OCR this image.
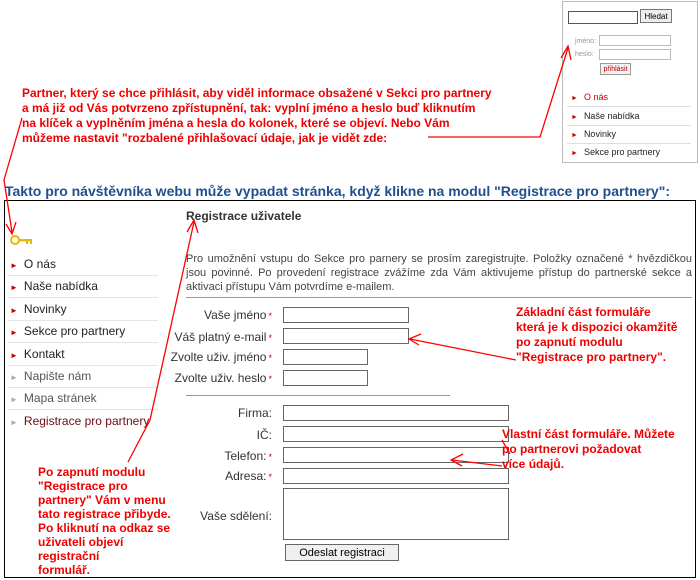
Hledat
jméno:
heslo:
přihlásit
► O nás
► Naše nabídka
► Novinky
► Sekce pro partnery
Partner, který se chce přihlásit, aby viděl informace obsažené v Sekci pro partnery
a má již od Vás potvrzeno zpřístupnění, tak: vyplní jméno a heslo buď kliknutím
na klíček a vyplněním jména a hesla do kolonek, které se objeví. Nebo Vám
můžeme nastavit "rozbalené přihlašovací údaje, jak je vidět zde:
Takto pro návštěvníka webu může vypadat stránka, když klikne na modul "Registrace pro partnery":
► O nás
► Naše nabídka
► Novinky
► Sekce pro partnery
► Kontakt
► Napište nám
► Mapa stránek
► Registrace pro partnery
Po zapnutí modulu
"Registrace pro
partnery" Vám v menu
tato registrace přibyde.
Po kliknutí na odkaz se
uživateli objeví registrační
formulář.
Registrace uživatele
Pro umožnění vstupu do Sekce pro parnery se prosím zaregistrujte. Položky označené * hvězdičkou jsou povinné. Po provedení registrace zvážíme zda Vám aktivujeme přístup do partnerské sekce a aktivaci přístupu Vám potvrdíme e-mailem.
Vaše jméno *
Váš platný e-mail *
Zvolte uživ. jméno *
Zvolte uživ. heslo *
Firma:
IČ:
Telefon: *
Adresa: *
Vaše sdělení:
Odeslat registraci
Základní část formuláře
která je k dispozici okamžitě
po zapnutí modulu
"Registrace pro partnery".
Vlastní část formuláře. Můžete
po partnerovi požadovat
více údajů.
